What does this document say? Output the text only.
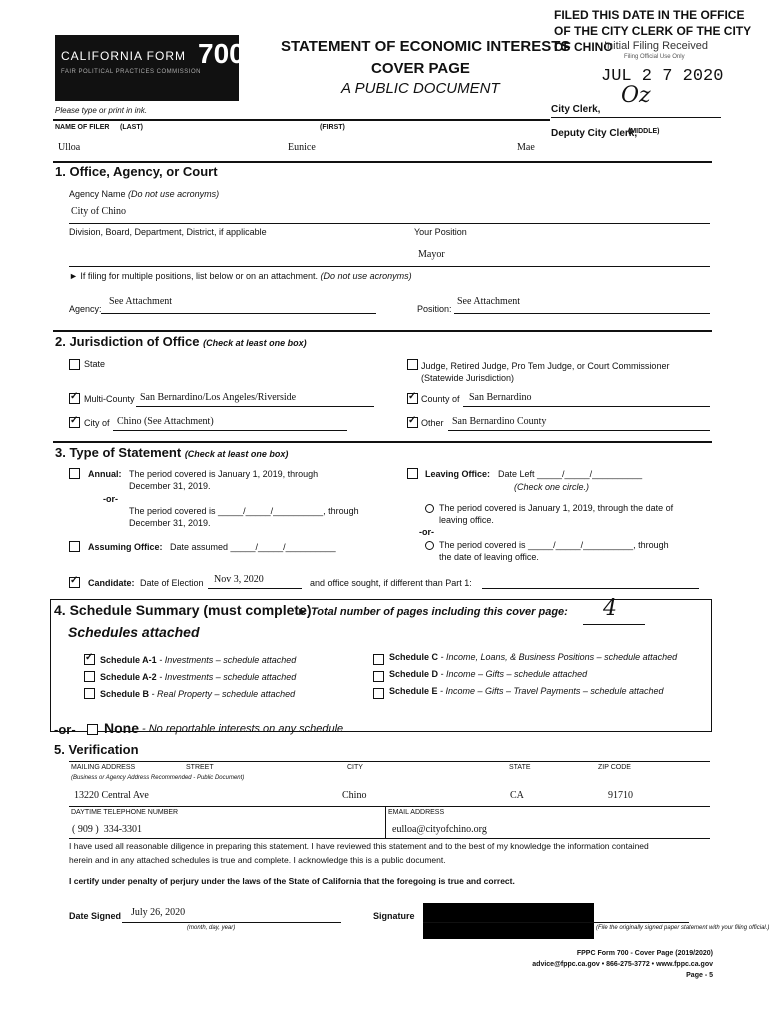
FILED THIS DATE IN THE OFFICE
OF THE CITY CLERK OF THE CITY
OF CHINO
Initial Filing Received
Filing Official Use Only
JUL 2 7 2020
Oz
City Clerk,
Deputy City Clerk,
CALIFORNIA FORM 700
FAIR POLITICAL PRACTICES COMMISSION
STATEMENT OF ECONOMIC INTERESTS
COVER PAGE
A PUBLIC DOCUMENT
Please type or print in ink.
NAME OF FILER (LAST)	(FIRST)
(MIDDLE)
Ulloa	Eunice	Mae
1. Office, Agency, or Court
Agency Name (Do not use acronyms)
City of Chino
Division, Board, Department, District, if applicable	Your Position
Mayor
► If filing for multiple positions, list below or on an attachment. (Do not use acronyms)
Agency:
See Attachment
Position:
See Attachment
2. Jurisdiction of Office (Check at least one box)
State	Judge, Retired Judge, Pro Tem Judge, or Court Commissioner
(Statewide Jurisdiction)
✓
Multi-County San Bernardino/Los Angeles/Riverside ✓	County of San Bernardino
✓
City of Chino (See Attachment) ✓	Other San Bernardino County
3. Type of Statement (Check at least one box)
Annual: The period covered is January 1, 2019, through
December 31, 2019.
-or-
The period covered is _____/_____/__________, through
December 31, 2019.
Leaving Office: Date Left _____/_____/__________
(Check one circle.)
The period covered is January 1, 2019, through the date of
leaving office.
-or-
The period covered is _____/_____/__________, through
the date of leaving office.
Assuming Office: Date assumed _____/_____/__________
✓
Candidate: Date of Election Nov 3, 2020	and office sought, if different than Part 1:
4. Schedule Summary (must complete)
► Total number of pages including this cover page: 4
Schedules attached
✓
Schedule A-1 - Investments – schedule attached
Schedule A-2 - Investments – schedule attached
Schedule B - Real Property – schedule attached
Schedule C - Income, Loans, & Business Positions – schedule attached
Schedule D - Income – Gifts – schedule attached
Schedule E - Income – Gifts – Travel Payments – schedule attached
-or- None - No reportable interests on any schedule
5. Verification
MAILING ADDRESS	STREET
(Business or Agency Address Recommended - Public Document)
CITY	STATE	ZIP CODE
13220 Central Ave	Chino	CA	91710
DAYTIME TELEPHONE NUMBER	EMAIL ADDRESS
( 909 )  334-3301	eulloa@cityofchino.org
I have used all reasonable diligence in preparing this statement. I have reviewed this statement and to the best of my knowledge the information contained
herein and in any attached schedules is true and complete. I acknowledge this is a public document.
I certify under penalty of perjury under the laws of the State of California that the foregoing is true and correct.
Date Signed July 26, 2020
(month, day, year)
Signature
(File the originally signed paper statement with your filing official.)
FPPC Form 700 - Cover Page (2019/2020)
advice@fppc.ca.gov • 866-275-3772 • www.fppc.ca.gov
Page - 5
